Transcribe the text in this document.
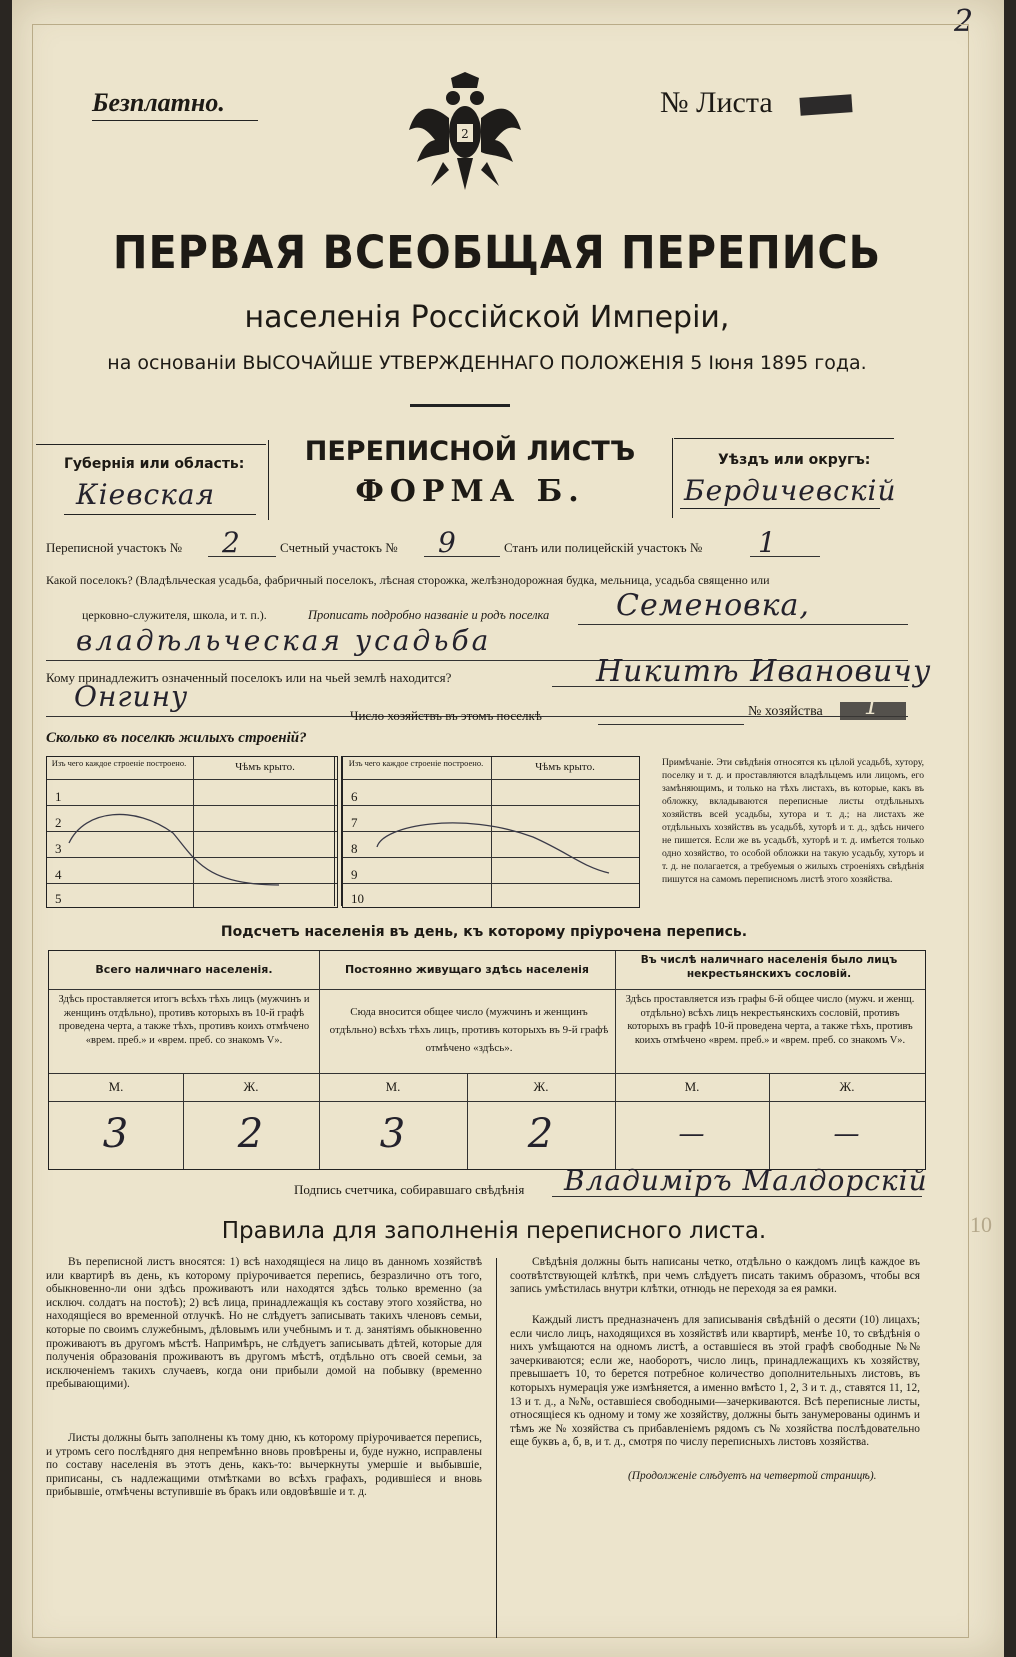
2
Безплатно.	№ Листа
2
ПЕРВАЯ ВСЕОБЩАЯ ПЕРЕПИСЬ
населенія Россійской Имперіи,
на основаніи ВЫСОЧАЙШЕ УТВЕРЖДЕННАГО ПОЛОЖЕНІЯ 5 Іюня 1895 года.
Губернія или область:
Кіевская
ПЕРЕПИСНОЙ ЛИСТЪ
ФОРМА Б.
Уѣздъ или округъ:
Бердичевскій
Переписной участокъ № 2	Счетный участокъ № 9	Станъ или полицейскій участокъ № 1
Какой поселокъ? (Владѣльческая усадьба, фабричный поселокъ, лѣсная сторожка, желѣзнодорожная будка, мельница, усадьба священно или
церковно-служителя, школа, и т. п.).	Прописать подробно названіе и родъ поселка Семеновка,
владѣльческая усадьба
Кому принадлежитъ означенный поселокъ или на чьей землѣ находится?	Никитѣ Ивановичу
Онгину
Число хозяйствъ въ этомъ поселкѣ	№ хозяйства 1
Сколько въ поселкѣ жилыхъ строеній?
Изъ чего каждое строеніе построено.	Чѣмъ крыто.
1
2
3
4
5
Изъ чего каждое строеніе построено.	Чѣмъ крыто.
6
7
8
9
10
Примѣчаніе. Эти свѣдѣнія относятся къ цѣлой усадьбѣ, хутору, поселку и т. д. и проставляются владѣльцемъ или лицомъ, его замѣняющимъ, и только на тѣхъ листахъ, въ которые, какъ въ обложку, вкладываются переписные листы отдѣльныхъ хозяйствъ всей усадьбы, хутора и т. д.; на листахъ же отдѣльныхъ хозяйствъ въ усадьбѣ, хуторѣ и т. д., здѣсь ничего не пишется. Если же въ усадьбѣ, хуторѣ и т. д. имѣется только одно хозяйство, то особой обложки на такую усадьбу, хуторъ и т. д. не полагается, а требуемыя о жилыхъ строеніяхъ свѣдѣнія пишутся на самомъ переписномъ листѣ этого хозяйства.
Подсчетъ населенія въ день, къ которому пріурочена перепись.
Всего наличнаго населенія.	Постоянно живущаго здѣсь населенія
Въ числѣ наличнаго населенія было лицъ некрестьянскихъ сословій.
Здѣсь проставляется итогъ всѣхъ тѣхъ лицъ (мужчинъ и женщинъ отдѣльно), противъ которыхъ въ 10-й графѣ проведена черта, а также тѣхъ, противъ коихъ отмѣчено «врем. преб.» и «врем. преб. со знакомъ V».
Сюда вносится общее число (мужчинъ и женщинъ отдѣльно) всѣхъ тѣхъ лицъ, противъ которыхъ въ 9-й графѣ отмѣчено «здѣсь».
Здѣсь проставляется изъ графы 6-й общее число (мужч. и женщ. отдѣльно) всѣхъ лицъ некрестьянскихъ сословій, противъ которыхъ въ графѣ 10-й проведена черта, а также тѣхъ, противъ коихъ отмѣчено «врем. преб.» и «врем. преб. со знакомъ V».
М.	Ж.	М.	Ж.	М.	Ж.
3	2	3	2	—	—
Подпись счетчика, собиравшаго свѣдѣнія Владиміръ Малдорскій
Правила для заполненія переписного листа.
Въ переписной листъ вносятся: 1) всѣ находящіеся на лицо въ данномъ хозяйствѣ или квартирѣ въ день, къ которому пріурочивается перепись, безразлично отъ того, обыкновенно-ли они здѣсь проживаютъ или находятся здѣсь только временно (за исключ. солдатъ на постоѣ); 2) всѣ лица, принадлежащія къ составу этого хозяйства, но находящіеся во временной отлучкѣ. Но не слѣдуетъ записывать такихъ членовъ семьи, которые по своимъ служебнымъ, дѣловымъ или учебнымъ и т. д. занятіямъ обыкновенно проживаютъ въ другомъ мѣстѣ. Напримѣръ, не слѣдуетъ записывать дѣтей, которые для полученія образованія проживаютъ въ другомъ мѣстѣ, отдѣльно отъ своей семьи, за исключеніемъ такихъ случаевъ, когда они прибыли домой на побывку (временно пребывающими).
Листы должны быть заполнены къ тому дню, къ которому пріурочивается перепись, и утромъ сего послѣдняго дня непремѣнно вновь провѣрены и, буде нужно, исправлены по составу населенія въ этотъ день, какъ-то: вычеркнуты умершіе и выбывшіе, приписаны, съ надлежащими отмѣтками во всѣхъ графахъ, родившіеся и вновь прибывшіе, отмѣчены вступившіе въ бракъ или овдовѣвшіе и т. д.
Свѣдѣнія должны быть написаны четко, отдѣльно о каждомъ лицѣ каждое въ соотвѣтствующей клѣткѣ, при чемъ слѣдуетъ писать такимъ образомъ, чтобы вся запись умѣстилась внутри клѣтки, отнюдь не переходя за ея рамки.
Каждый листъ предназначенъ для записыванія свѣдѣній о десяти (10) лицахъ; если число лицъ, находящихся въ хозяйствѣ или квартирѣ, менѣе 10, то свѣдѣнія о нихъ умѣщаются на одномъ листѣ, а оставшіеся въ этой графѣ свободные №№ зачеркиваются; если же, наоборотъ, число лицъ, принадлежащихъ къ хозяйству, превышаетъ 10, то берется потребное количество дополнительныхъ листовъ, въ которыхъ нумерація уже измѣняется, а именно вмѣсто 1, 2, 3 и т. д., ставятся 11, 12, 13 и т. д., а №№, оставшіеся свободными—зачеркиваются. Всѣ переписные листы, относящіеся къ одному и тому же хозяйству, должны быть занумерованы одинмъ и тѣмъ же № хозяйства съ прибавленіемъ рядомъ съ № хозяйства послѣдовательно еще буквъ а, б, в, и т. д., смотря по числу переписныхъ листовъ хозяйства.
(Продолженіе слѣдуетъ на четвертой страницѣ).
10
